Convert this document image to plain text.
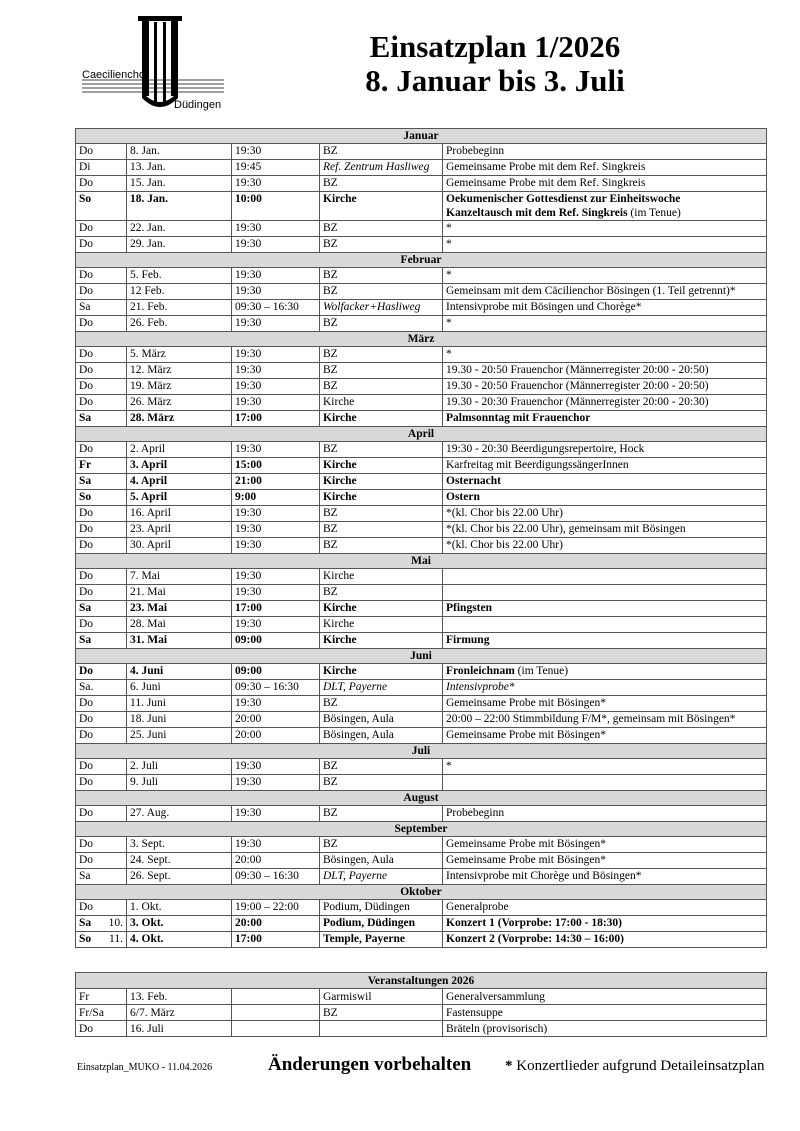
Caecilienchor
Düdingen
Einsatzplan 1/2026
8. Januar bis 3. Juli
Januar				
Do	8. Jan.	19:30	BZ	Probebeginn
Di	13. Jan.	19:45	Ref. Zentrum Hasliweg	Gemeinsame Probe mit dem Ref. Singkreis
Do	15. Jan.	19:30	BZ	Gemeinsame Probe mit dem Ref. Singkreis
So	18. Jan.	10:00	Kirche	Oekumenischer Gottesdienst zur Einheitswoche
Kanzeltausch mit dem Ref. Singkreis (im Tenue)
Do	22. Jan.	19:30	BZ	*
Do	29. Jan.	19:30	BZ	*
Februar				
Do	5. Feb.	19:30	BZ	*
Do	12 Feb.	19:30	BZ	Gemeinsam mit dem Cäcilienchor Bösingen (1. Teil getrennt)*
Sa	21. Feb.	09:30 – 16:30	Wolfacker+Hasliweg	Intensivprobe mit Bösingen und Chorège*
Do	26. Feb.	19:30	BZ	*
März				
Do	5. März	19:30	BZ	*
Do	12. März	19:30	BZ	19.30 - 20:50 Frauenchor (Männerregister 20:00 - 20:50)
Do	19. März	19:30	BZ	19.30 - 20:50 Frauenchor (Männerregister 20:00 - 20:50)
Do	26. März	19:30	Kirche	19.30 - 20:30 Frauenchor (Männerregister 20:00 - 20:30)
Sa	28. März	17:00	Kirche	Palmsonntag mit Frauenchor
April				
Do	2. April	19:30	BZ	19:30 - 20:30 Beerdigungsrepertoire, Hock
Fr	3. April	15:00	Kirche	Karfreitag mit BeerdigungssängerInnen
Sa	4. April	21:00	Kirche	Osternacht
So	5. April	9:00	Kirche	Ostern
Do	16. April	19:30	BZ	*(kl. Chor bis 22.00 Uhr)
Do	23. April	19:30	BZ	*(kl. Chor bis 22.00 Uhr), gemeinsam mit Bösingen
Do	30. April	19:30	BZ	*(kl. Chor bis 22.00 Uhr)
Mai				
Do	7. Mai	19:30	Kirche	
Do	21. Mai	19:30	BZ	
Sa	23. Mai	17:00	Kirche	Pfingsten
Do	28. Mai	19:30	Kirche	
Sa	31. Mai	09:00	Kirche	Firmung
Juni				
Do	4. Juni	09:00	Kirche	Fronleichnam (im Tenue)
Sa.	6. Juni	09:30 – 16:30	DLT, Payerne	Intensivprobe*
Do	11. Juni	19:30	BZ	Gemeinsame Probe mit Bösingen*
Do	18. Juni	20:00	Bösingen, Aula	20:00 – 22:00 Stimmbildung F/M*, gemeinsam mit Bösingen*
Do	25. Juni	20:00	Bösingen, Aula	Gemeinsame Probe mit Bösingen*
Juli				
Do	2. Juli	19:30	BZ	*
Do	9. Juli	19:30	BZ	
August				
Do	27. Aug.	19:30	BZ	Probebeginn
September				
Do	3. Sept.	19:30	BZ	Gemeinsame Probe mit Bösingen*
Do	24. Sept.	20:00	Bösingen, Aula	Gemeinsame Probe mit Bösingen*
Sa	26. Sept.	09:30 – 16:30	DLT, Payerne	Intensivprobe mit Chorège und Bösingen*
Oktober				
Do	1. Okt.	19:00 – 22:00	Podium, Düdingen	Generalprobe
Sa 10.	3. Okt.	20:00	Podium, Düdingen	Konzert 1 (Vorprobe: 17:00 - 18:30)
So 11.	4. Okt.	17:00	Temple, Payerne	Konzert 2 (Vorprobe: 14:30 – 16:00)
Veranstaltungen 2026				
Fr	13. Feb.		Garmiswil	Generalversammlung
Fr/Sa	6/7. März		BZ	Fastensuppe
Do	16. Juli			Bräteln (provisorisch)
Einsatzplan_MUKO - 11.04.2026	Änderungen vorbehalten * Konzertlieder aufgrund Detaileinsatzplan
